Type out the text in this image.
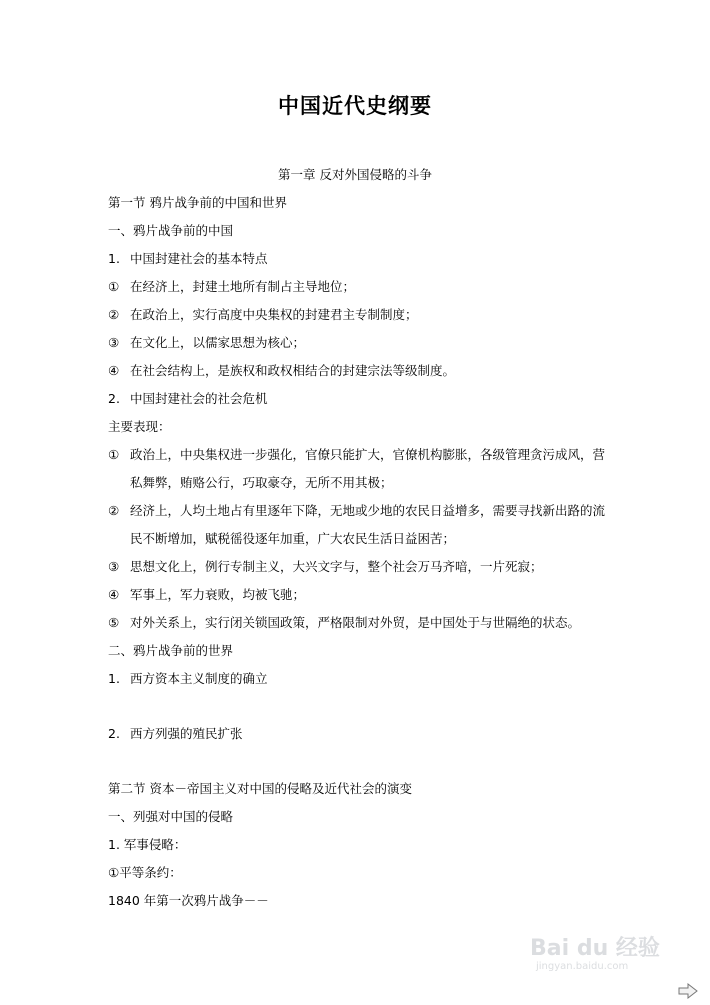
中国近代史纲要
第一章 反对外国侵略的斗争
第一节 鸦片战争前的中国和世界
一、鸦片战争前的中国
1. 中国封建社会的基本特点
① 在经济上，封建土地所有制占主导地位；
② 在政治上，实行高度中央集权的封建君主专制制度；
③ 在文化上，以儒家思想为核心；
④ 在社会结构上，是族权和政权相结合的封建宗法等级制度。
2. 中国封建社会的社会危机
主要表现：
① 政治上，中央集权进一步强化，官僚只能扩大，官僚机构膨胀，各级管理贪污成风，营
私舞弊，贿赂公行，巧取豪夺，无所不用其极；
② 经济上，人均土地占有里逐年下降，无地或少地的农民日益增多，需要寻找新出路的流
民不断增加，赋税徭役逐年加重，广大农民生活日益困苦；
③ 思想文化上，例行专制主义，大兴文字与，整个社会万马齐喑，一片死寂；
④ 军事上，军力衰败，均被飞驰；
⑤ 对外关系上，实行闭关锁国政策，严格限制对外贸，是中国处于与世隔绝的状态。
二、鸦片战争前的世界
1. 西方资本主义制度的确立
2. 西方列强的殖民扩张
第二节 资本－帝国主义对中国的侵略及近代社会的演变
一、列强对中国的侵略
1. 军事侵略：
①平等条约：
1840 年第一次鸦片战争－－
Bai du 经验
jingyan.baidu.com
